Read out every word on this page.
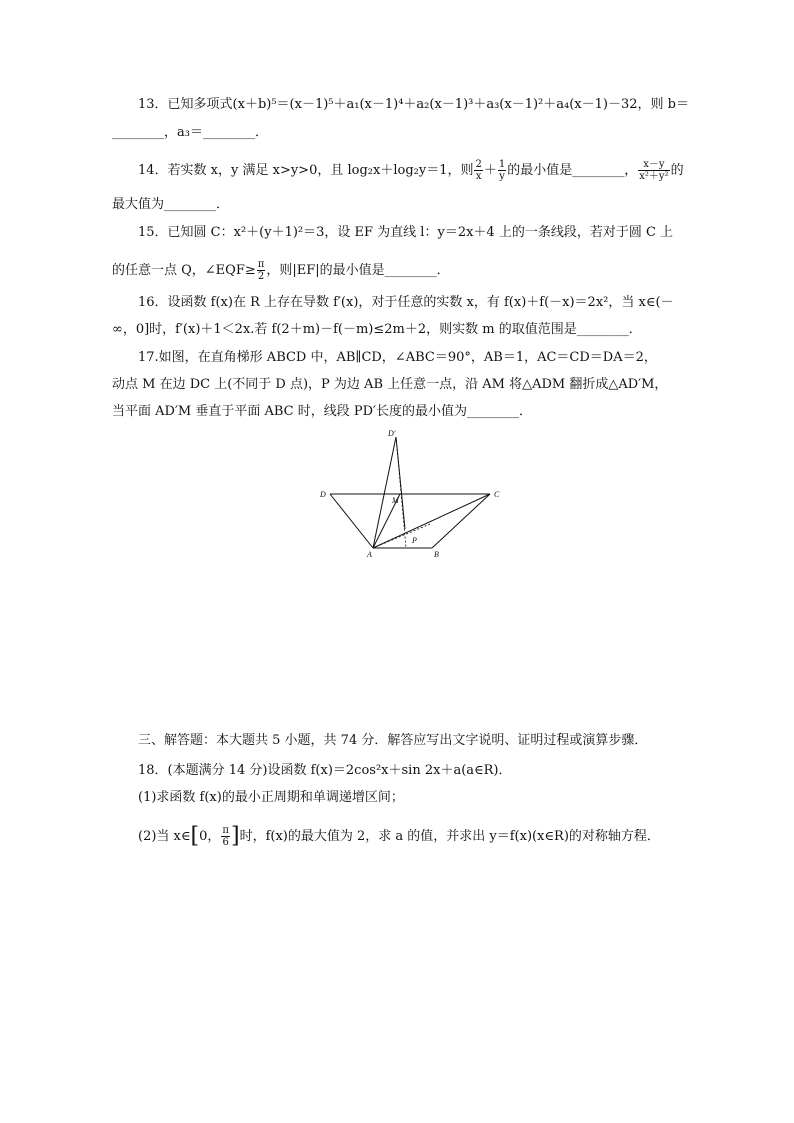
13．已知多项式(x＋b)⁵＝(x－1)⁵＋a₁(x－1)⁴＋a₂(x－1)³＋a₃(x－1)²＋a₄(x－1)－32，则 b＝
________，a₃＝________．
14．若实数 x，y 满足 x>y>0，且 log₂x＋log₂y＝1，则 $\frac{2}{x} + \frac{1}{y}$ 的最小值是________， $\frac{x-y}{\text{x²＋y²}}$ 的
最大值为________．
15．已知圆 C：x²＋(y＋1)²＝3，设 EF 为直线 l：y＝2x＋4 上的一条线段，若对于圆 C 上
的任意一点 Q，∠EQF≥ $\frac{\pi}{2}$ ，则|EF|的最小值是________．
16．设函数 f(x)在 R 上存在导数 f′(x)，对于任意的实数 x，有 f(x)＋f(－x)＝2x²，当 x∈(－
∞，0]时，f′(x)＋1＜2x.若 f(2＋m)－f(－m)≤2m＋2，则实数 m 的取值范围是________．
17.如图，在直角梯形 ABCD 中，AB∥CD，∠ABC＝90°，AB＝1，AC＝CD＝DA＝2，
动点 M 在边 DC 上(不同于 D 点)，P 为边 AB 上任意一点，沿 AM 将△ADM 翻折成△AD′M，
当平面 AD′M 垂直于平面 ABC 时，线段 PD′长度的最小值为________．
D′
D	C
M
P
A	B
三、解答题：本大题共 5 小题，共 74 分．解答应写出文字说明、证明过程或演算步骤．
18．(本题满分 14 分)设函数 f(x)＝2cos²x＋sin 2x＋a(a∈R)．
(1)求函数 f(x)的最小正周期和单调递增区间；
(2)当 x∈[0， $\frac{\pi}{6}$ ]时，f(x)的最大值为 2，求 a 的值，并求出 y＝f(x)(x∈R)的对称轴方程．
